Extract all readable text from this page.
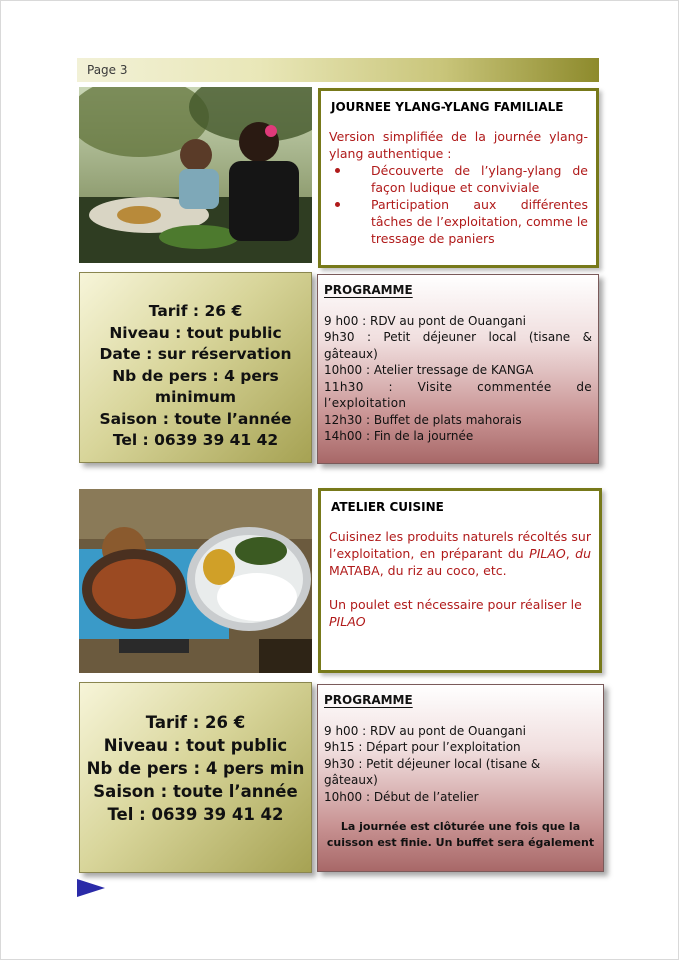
Page 3
JOURNEE YLANG-YLANG FAMILIALE
Version simplifiée de la journée ylang-ylang authentique :
Découverte de l’ylang-ylang de façon ludique et conviviale
Participation aux différentes tâches de l’exploitation, comme le tressage de paniers
Tarif : 26 €
Niveau : tout public
Date : sur réservation
Nb de pers : 4 pers
minimum
Saison : toute l’année
Tel : 0639 39 41 42
PROGRAMME

9 h00 : RDV au pont de Ouangani

9h30 : Petit déjeuner local (tisane & gâteaux)

10h00 : Atelier tressage de KANGA

11h30 : Visite commentée de l’exploitation

12h30 : Buffet de plats mahorais

14h00 : Fin de la journée

ATELIER CUISINE
Cuisinez les produits naturels récoltés sur l’exploitation, en préparant du PILAO, du MATABA, du riz au coco, etc.
Un poulet est nécessaire pour réaliser le PILAO
Tarif : 26 €
Niveau : tout public
Nb de pers : 4 pers min
Saison : toute l’année
Tel : 0639 39 41 42
PROGRAMME

9 h00 : RDV au pont de Ouangani

9h15 : Départ pour l’exploitation

9h30 : Petit déjeuner local (tisane & gâteaux)

10h00 : Début de l’atelier

La journée est clôturée une fois que la cuisson est finie. Un buffet sera également
